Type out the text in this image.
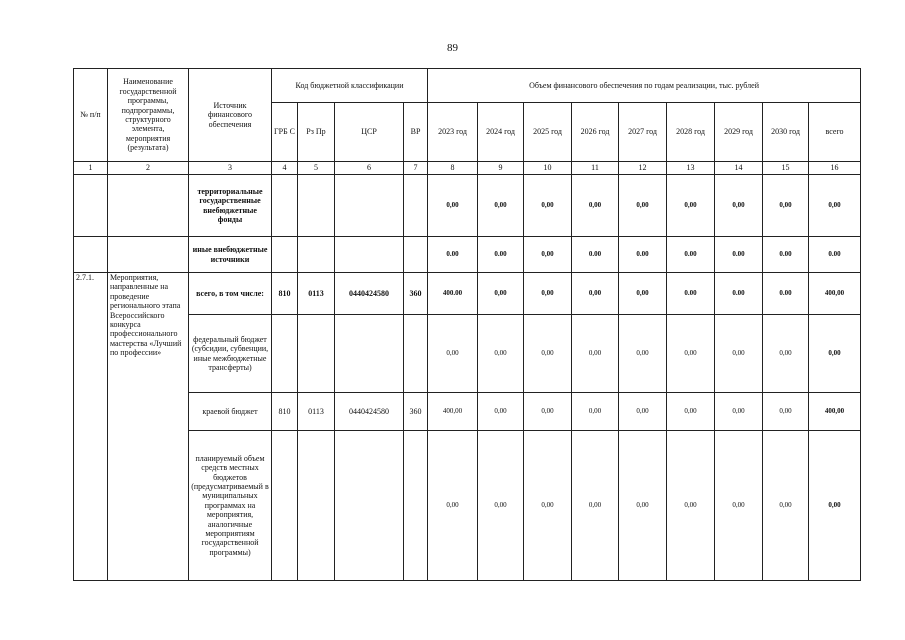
89
№ п/п	Наименование государственной программы, подпрограммы, структурного элемента, мероприятия (результата)	Источник финансового обеспечения	Код бюджетной классификации				Объем финансового обеспечения по годам реализации, тыс. рублей								
			ГРБ С	Рз Пр	ЦСР	ВР	2023 год	2024 год	2025 год	2026 год	2027 год	2028 год	2029 год	2030 год	всего
1	2	3	4	5	6	7	8	9	10	11	12	13	14	15	16
		территориальные государственные внебюджетные фонды					0,00	0,00	0,00	0,00	0,00	0,00	0,00	0,00	0,00
		иные внебюджетные источники					0.00	0.00	0,00	0.00	0.00	0.00	0.00	0.00	0.00
2.7.1.	Мероприятия, направленные на проведение регионального этапа Всероссийского конкурса профессионального мастерства «Лучший по профессии»	всего, в том числе:	810	0113	0440424580	360	400.00	0,00	0,00	0,00	0,00	0.00	0.00	0.00	400,00
		федеральный бюджет (субсидии, субвенции, иные межбюджетные трансферты)					0,00	0,00	0,00	0,00	0,00	0,00	0,00	0,00	0,00
		краевой бюджет	810	0113	0440424580	360	400,00	0,00	0,00	0,00	0,00	0,00	0,00	0,00	400,00
		планируемый объем средств местных бюджетов (предусматриваемый в муниципальных программах на мероприятия, аналогичные мероприятиям государственной программы)					0,00	0,00	0,00	0,00	0,00	0,00	0,00	0,00	0,00
